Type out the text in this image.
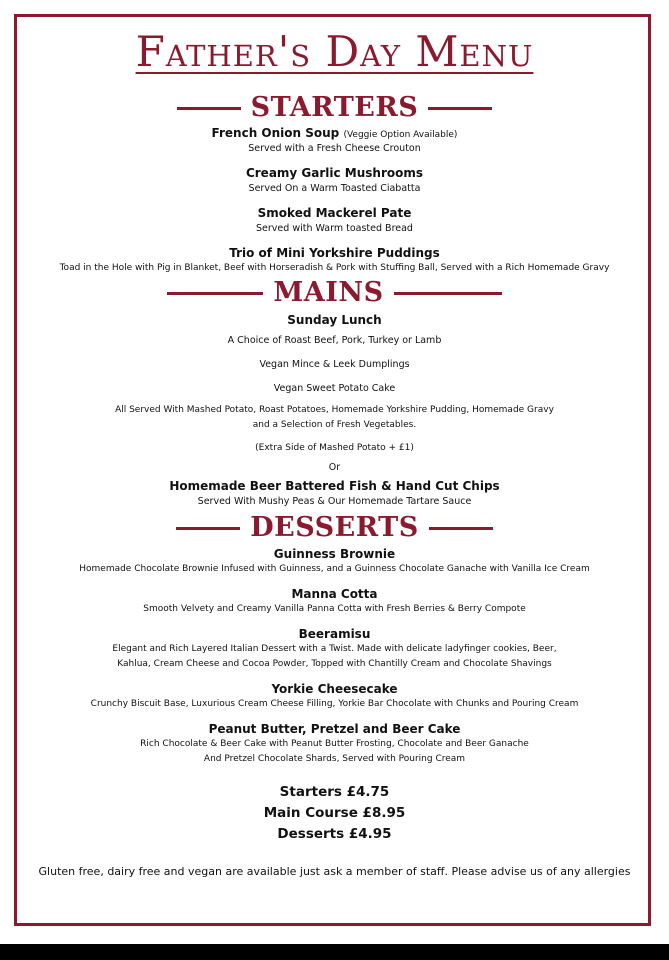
Father's Day Menu
STARTERS
French Onion Soup (Veggie Option Available)
Served with a Fresh Cheese Crouton
Creamy Garlic Mushrooms
Served On a Warm Toasted Ciabatta
Smoked Mackerel Pate
Served with Warm toasted Bread
Trio of Mini Yorkshire Puddings
Toad in the Hole with Pig in Blanket, Beef with Horseradish & Pork with Stuffing Ball, Served with a Rich Homemade Gravy
MAINS
Sunday Lunch
A Choice of Roast Beef, Pork, Turkey or Lamb
Vegan Mince & Leek Dumplings
Vegan Sweet Potato Cake
All Served With Mashed Potato, Roast Potatoes, Homemade Yorkshire Pudding, Homemade Gravy
and a Selection of Fresh Vegetables.
(Extra Side of Mashed Potato + £1)
Or
Homemade Beer Battered Fish & Hand Cut Chips
Served With Mushy Peas & Our Homemade Tartare Sauce
DESSERTS
Guinness Brownie
Homemade Chocolate Brownie Infused with Guinness, and a Guinness Chocolate Ganache with Vanilla Ice Cream
Manna Cotta
Smooth Velvety and Creamy Vanilla Panna Cotta with Fresh Berries & Berry Compote
Beeramisu
Elegant and Rich Layered Italian Dessert with a Twist. Made with delicate ladyfinger cookies, Beer,
Kahlua, Cream Cheese and Cocoa Powder, Topped with Chantilly Cream and Chocolate Shavings
Yorkie Cheesecake
Crunchy Biscuit Base, Luxurious Cream Cheese Filling, Yorkie Bar Chocolate with Chunks and Pouring Cream
Peanut Butter, Pretzel and Beer Cake
Rich Chocolate & Beer Cake with Peanut Butter Frosting, Chocolate and Beer Ganache
And Pretzel Chocolate Shards, Served with Pouring Cream
Starters £4.75
Main Course £8.95
Desserts £4.95
Gluten free, dairy free and vegan are available just ask a member of staff. Please advise us of any allergies
